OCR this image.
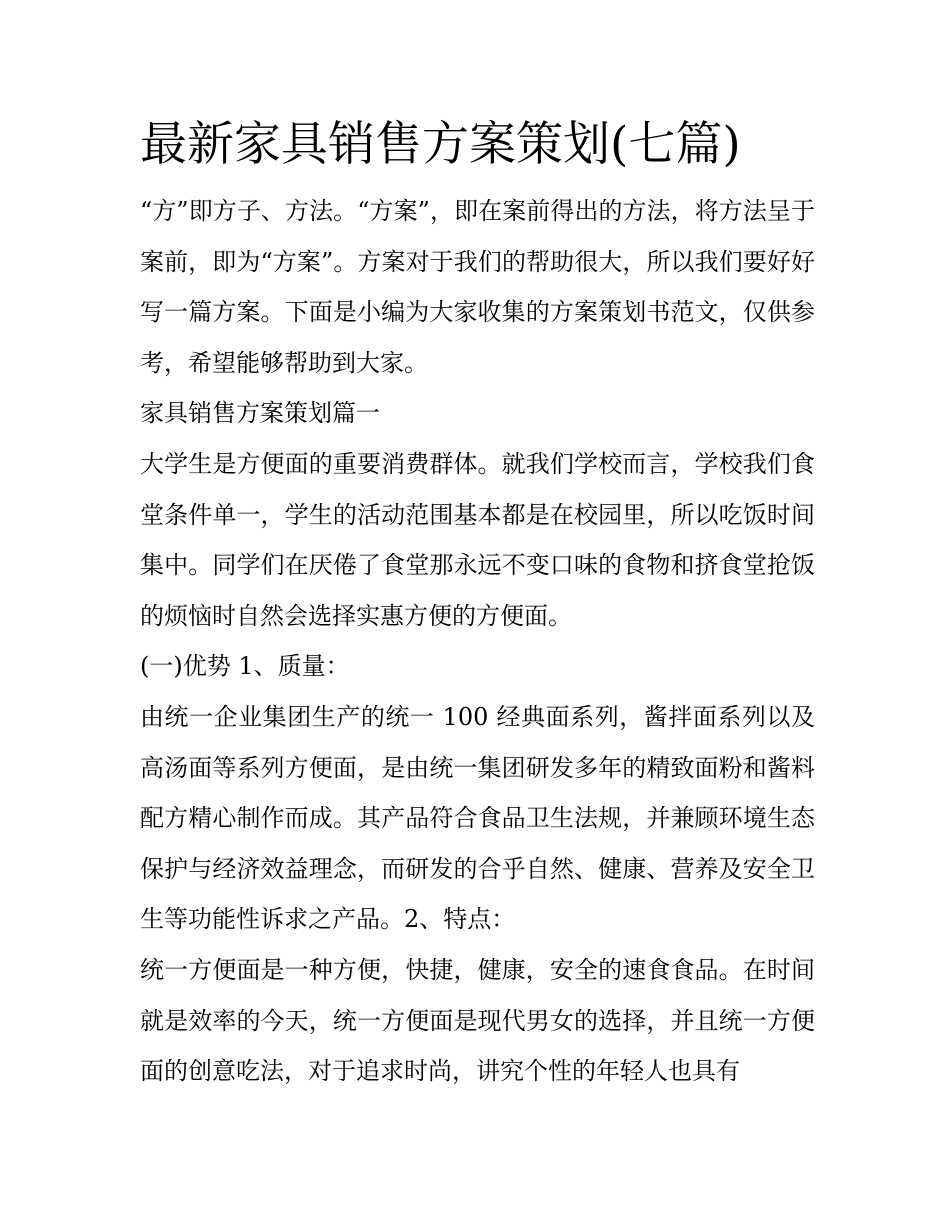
最新家具销售方案策划(七篇)

“方”即方子、方法。“方案”，即在案前得出的方法，将方法呈于案前，即为“方案”。方案对于我们的帮助很大，所以我们要好好写一篇方案。下面是小编为大家收集的方案策划书范文，仅供参考，希望能够帮助到大家。

家具销售方案策划篇一

大学生是方便面的重要消费群体。就我们学校而言，学校我们食堂条件单一，学生的活动范围基本都是在校园里，所以吃饭时间集中。同学们在厌倦了食堂那永远不变口味的食物和挤食堂抢饭的烦恼时自然会选择实惠方便的方便面。

(一)优势 1、质量：

由统一企业集团生产的统一 100 经典面系列，酱拌面系列以及高汤面等系列方便面，是由统一集团研发多年的精致面粉和酱料配方精心制作而成。其产品符合食品卫生法规，并兼顾环境生态保护与经济效益理念，而研发的合乎自然、健康、营养及安全卫生等功能性诉求之产品。2、特点：

统一方便面是一种方便，快捷，健康，安全的速食食品。在时间就是效率的今天，统一方便面是现代男女的选择，并且统一方便面的创意吃法，对于追求时尚，讲究个性的年轻人也具有
